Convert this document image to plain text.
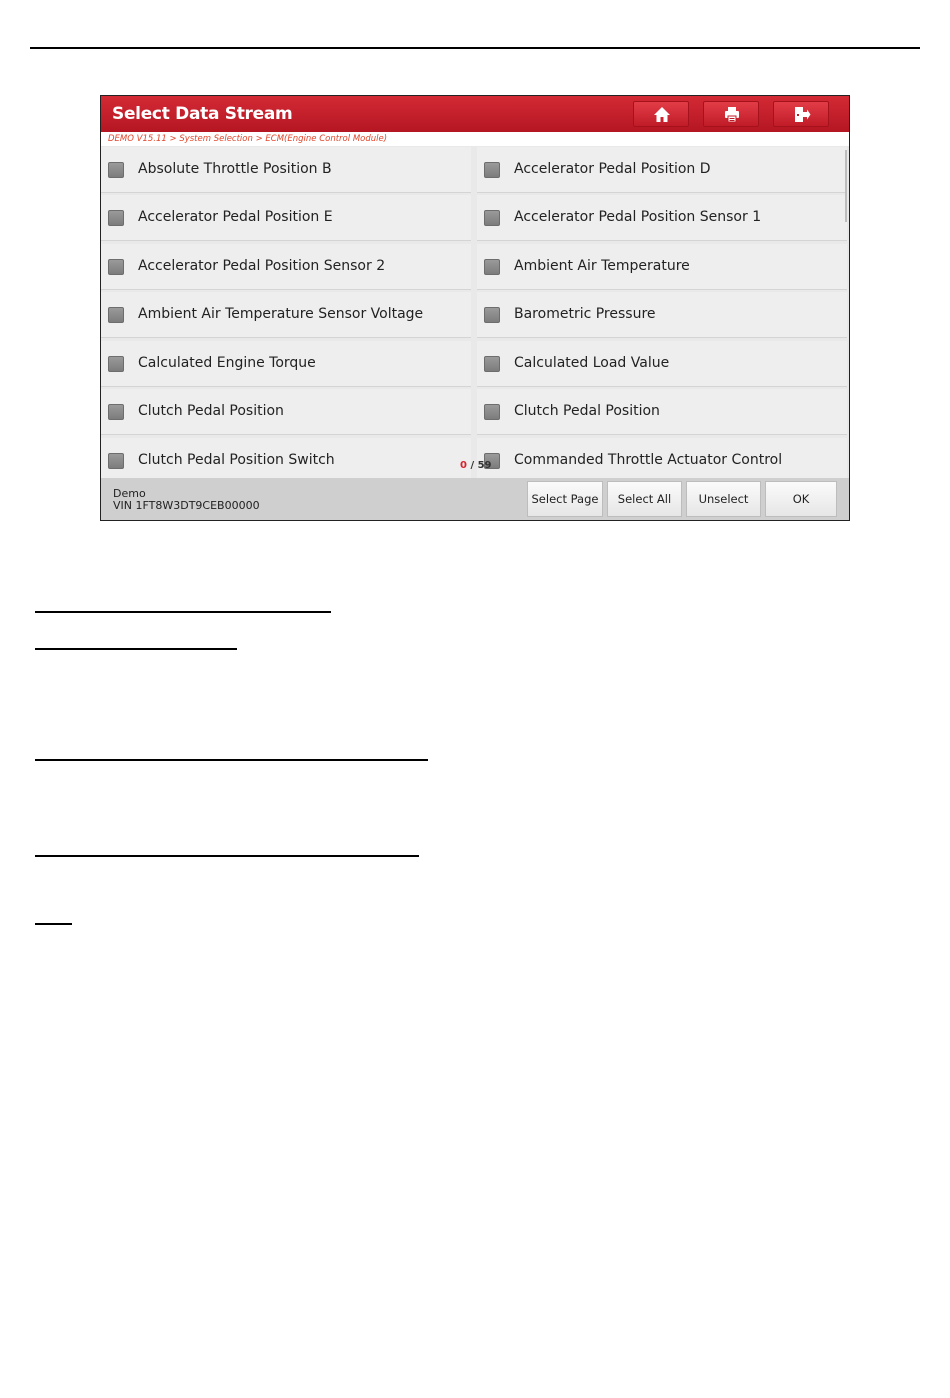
Select Data Stream
DEMO V15.11 > System Selection > ECM(Engine Control Module)
Absolute Throttle Position B	Accelerator Pedal Position D
Accelerator Pedal Position E	Accelerator Pedal Position Sensor 1
Accelerator Pedal Position Sensor 2	Ambient Air Temperature
Ambient Air Temperature Sensor Voltage	Barometric Pressure
Calculated Engine Torque	Calculated Load Value
Clutch Pedal Position	Clutch Pedal Position
Clutch Pedal Position Switch	Commanded Throttle Actuator Control
0 / 59
Demo
VIN 1FT8W3DT9CEB00000	Select Page	Select All	Unselect	OK
